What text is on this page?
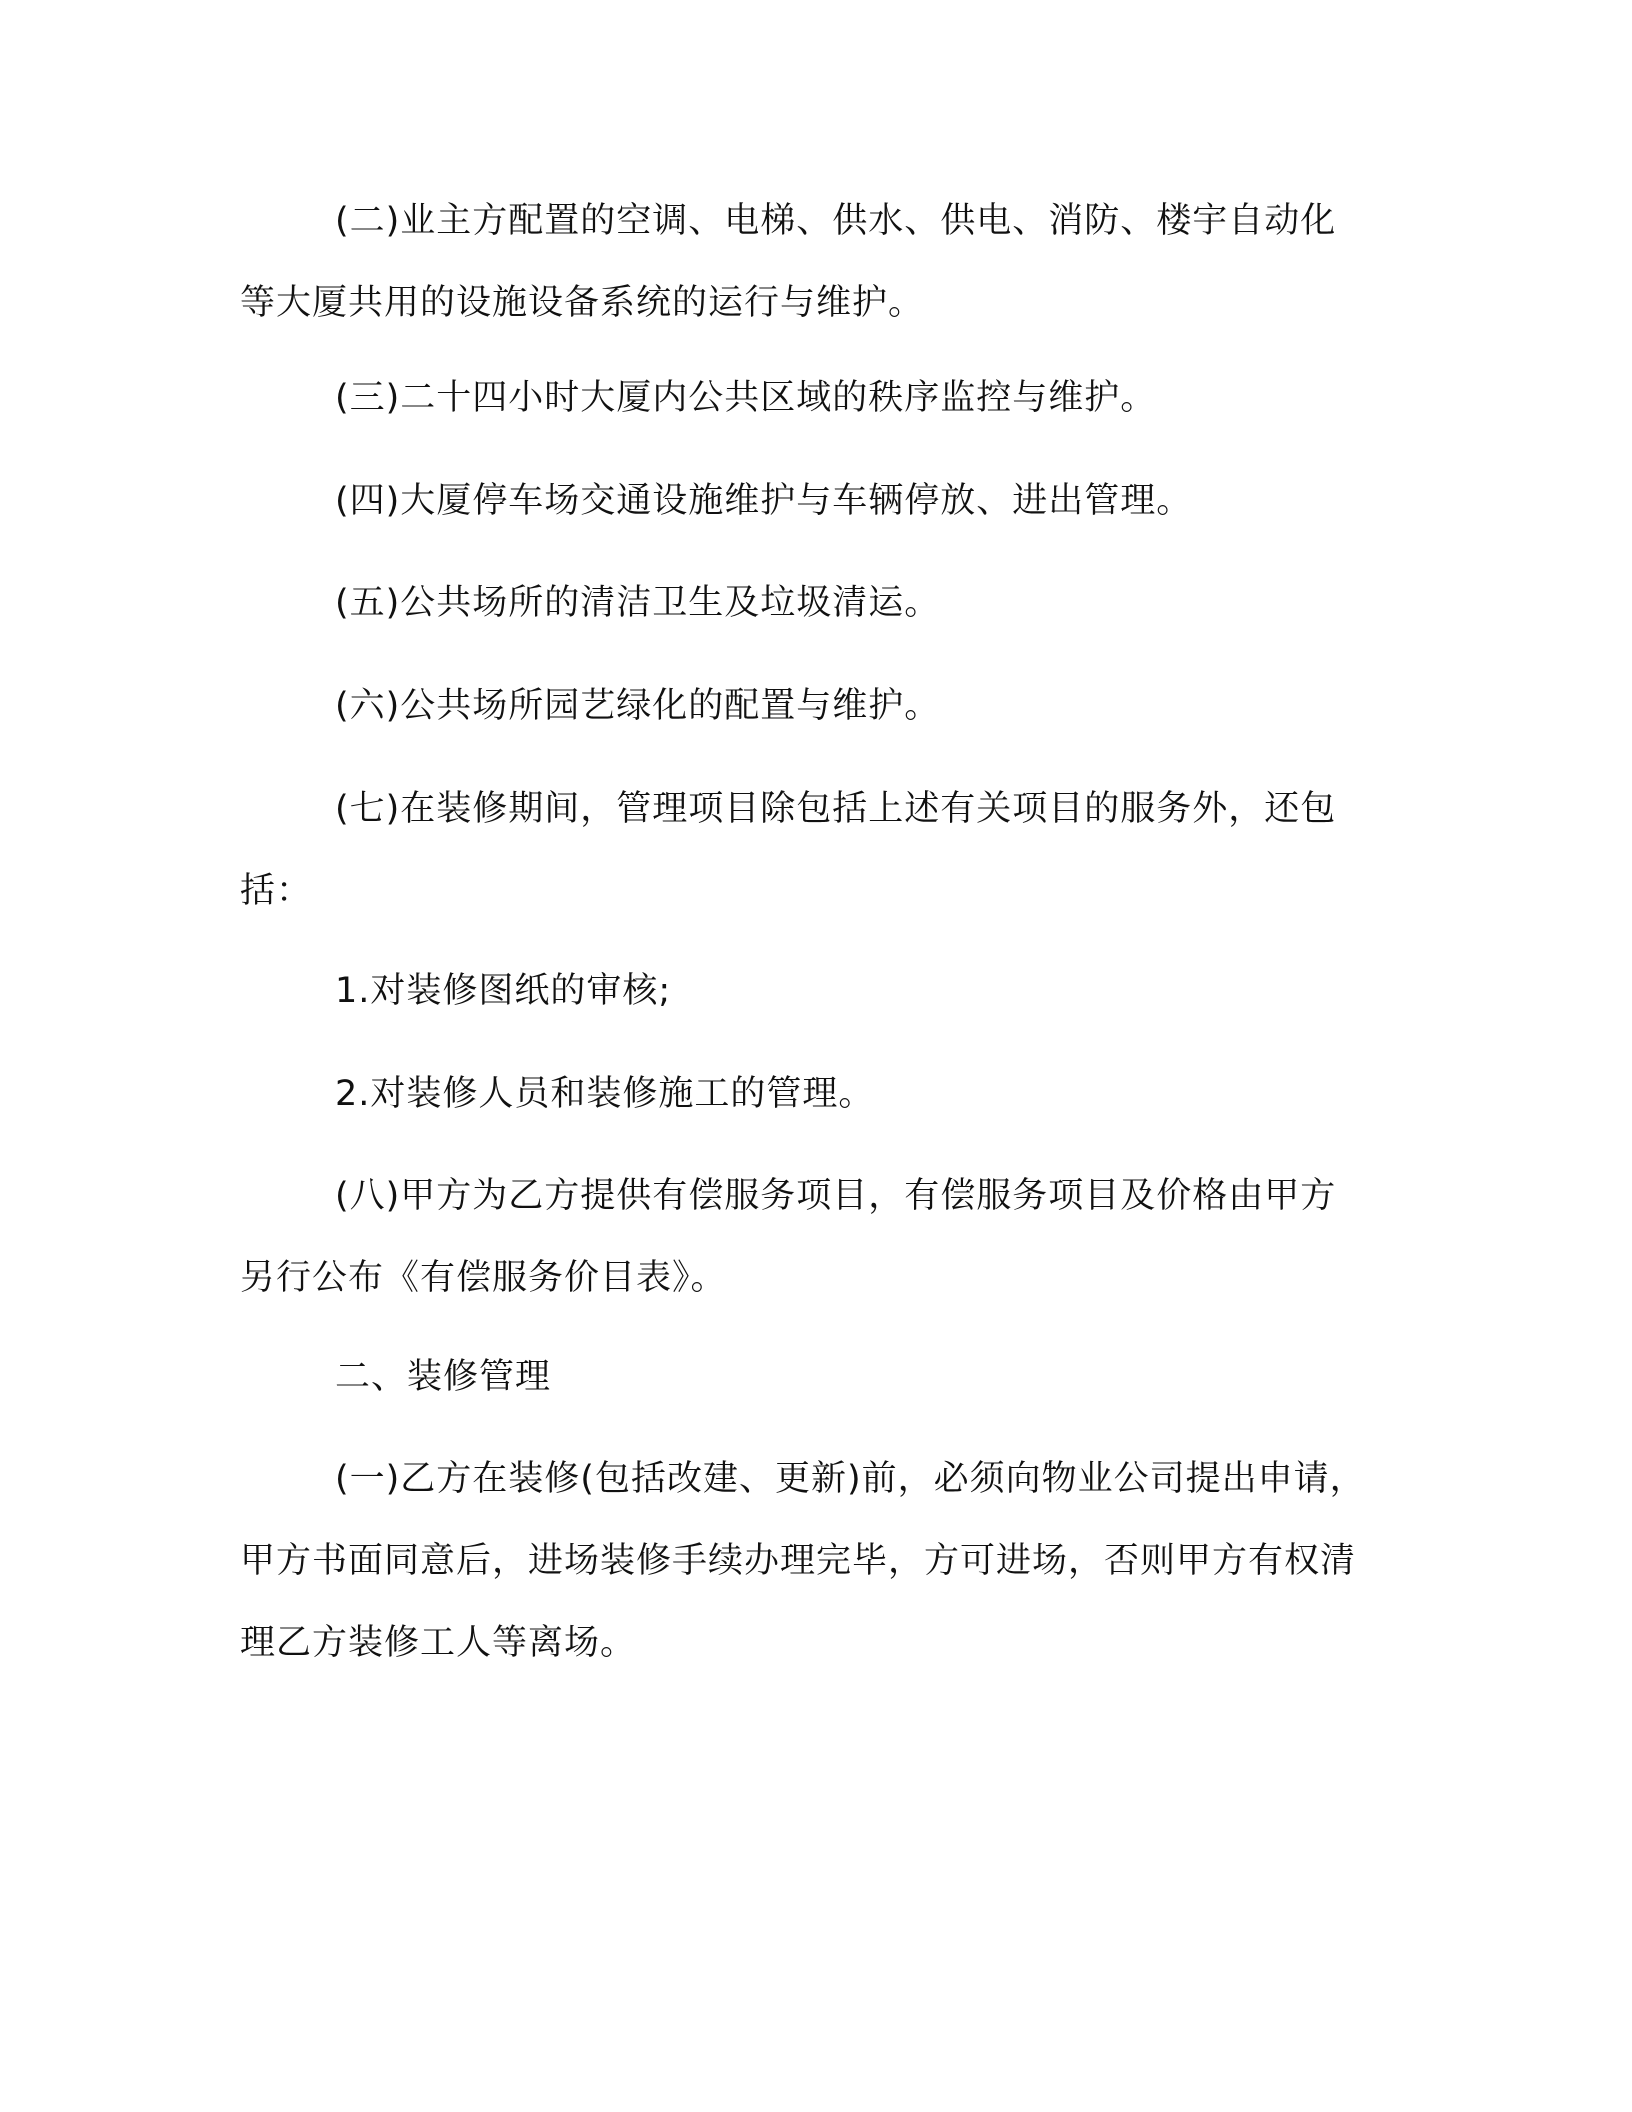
(二)业主方配置的空调、电梯、供水、供电、消防、楼宇自动化等大厦共用的设施设备系统的运行与维护。

(三)二十四小时大厦内公共区域的秩序监控与维护。

(四)大厦停车场交通设施维护与车辆停放、进出管理。

(五)公共场所的清洁卫生及垃圾清运。

(六)公共场所园艺绿化的配置与维护。

(七)在装修期间，管理项目除包括上述有关项目的服务外，还包括：

1.对装修图纸的审核;

2.对装修人员和装修施工的管理。

(八)甲方为乙方提供有偿服务项目，有偿服务项目及价格由甲方另行公布《有偿服务价目表》。

二、装修管理

(一)乙方在装修(包括改建、更新)前，必须向物业公司提出申请，甲方书面同意后，进场装修手续办理完毕，方可进场，否则甲方有权清理乙方装修工人等离场。
